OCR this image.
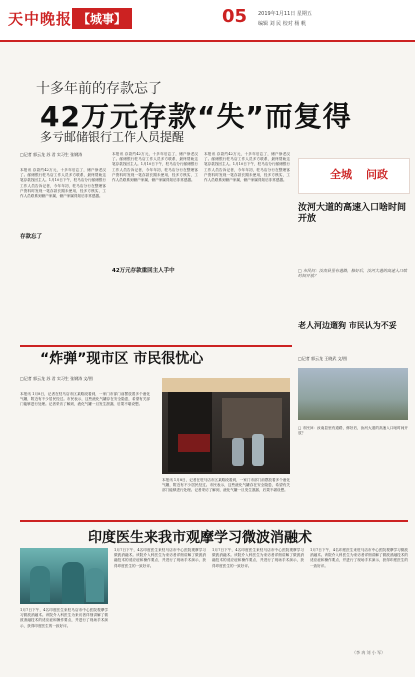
天中晚报 【城事】	05 2019年1月11日 星期五
编辑 刘 民 校对 杨 帆
十多年前的存款忘了
42万元存款“失”而复得
多亏邮储银行工作人员提醒
□记者 郭云龙 苏 君 实习生 张钢涛
本报讯 存款约42万元，十多年后忘了，储户徐老汉了。邮储银行驻马店工作人员多方联系，最终帮助这笔存款找回主人。1月10日下午，驻马店分行邮储银行工作人员告诉记者，今年年初，驻马店分行在整理客户资料时发现一笔存款长期未使用，经多方核实，工作人员联系到储户家属，储户家属得知后非常感激。
存款忘了
本报讯 存款约42万元，十多年后忘了，储户徐老汉了。邮储银行驻马店工作人员多方联系，最终帮助这笔存款找回主人。1月10日下午，驻马店分行邮储银行工作人员告诉记者，今年年初，驻马店分行在整理客户资料时发现一笔存款长期未使用，经多方核实，工作人员联系到储户家属，储户家属得知后非常感激。
42万元存款重回主人手中
本报讯 存款约42万元，十多年后忘了，储户徐老汉了。邮储银行驻马店工作人员多方联系，最终帮助这笔存款找回主人。1月10日下午，驻马店分行邮储银行工作人员告诉记者，今年年初，驻马店分行在整理客户资料时发现一笔存款长期未使用，经多方核实，工作人员联系到储户家属，储户家属得知后非常感激。	全城 问政
汝河大道的高速入口啥时间开放
□ 市民问：汝南县里有道路，修好后，汝河大道的高速入口啥时间开放？
老人河边遛狗 市民认为不妥
□记者 郭云龙 王晓武 文/图
□ 市民问：汝南县里有道路，修好后，汝河大道的高速入口啥时间开放？
“炸弹”现市区 市民很忧心
□记者 郭云龙 苏 君 实习生 张钢涛 文/图
本报讯 1月8日，记者在驻马店市区某路段看到，一家门市部门前摆放着多个液化气罐，附近有不少居民经过。市民表示，这些液化气罐存在安全隐患，希望有关部门能够进行处理。记者采访了解到，液化气罐一旦发生泄漏，后果不堪设想。
本报讯 1月8日，记者在驻马店市区某路段看到，一家门市部门前摆放着多个液化气罐，附近有不少居民经过。市民表示，这些液化气罐存在安全隐患，希望有关部门能够进行处理。记者采访了解到，液化气罐一旦发生泄漏，后果不堪设想。
印度医生来我市观摩学习微波消融术
1月7日下午，4名印度医生来驻马店市中心医院观摩学习微波消融术。该院介入科医生为来访者详细讲解了微波消融技术的适应症和操作要点，并进行了现场手术演示，获得印度医生的一致好评。
1月7日下午，4名印度医生来驻马店市中心医院观摩学习微波消融术。该院介入科医生为来访者详细讲解了微波消融技术的适应症和操作要点，并进行了现场手术演示，获得印度医生的一致好评。
1月7日下午，4名印度医生来驻马店市中心医院观摩学习微波消融术。该院介入科医生为来访者详细讲解了微波消融技术的适应症和操作要点，并进行了现场手术演示，获得印度医生的一致好评。
1月7日下午，4名印度医生来驻马店市中心医院观摩学习微波消融术。该院介入科医生为来访者详细讲解了微波消融技术的适应症和操作要点，并进行了现场手术演示，获得印度医生的一致好评。
（李 冉 刘 小 军）
